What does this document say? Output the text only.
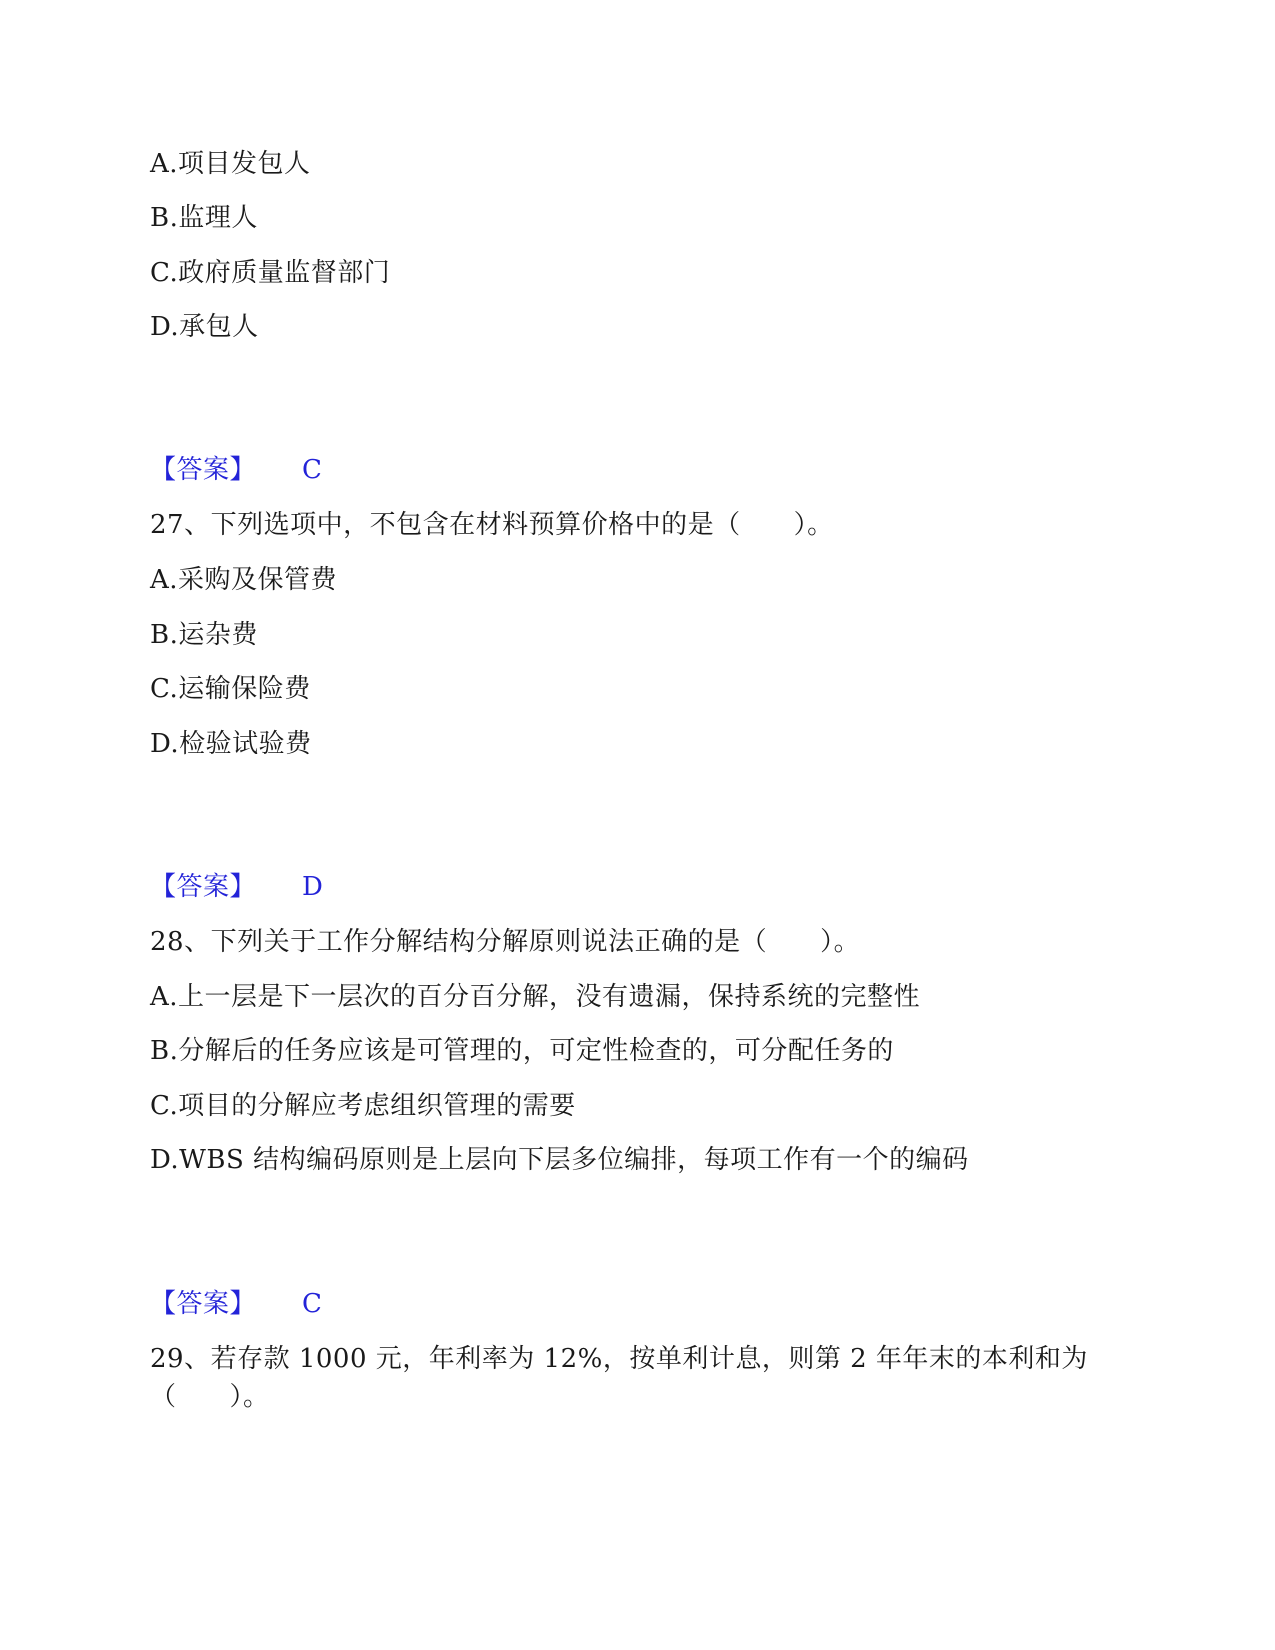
A.项目发包人
B.监理人
C.政府质量监督部门
D.承包人
【答案】 C
27、下列选项中，不包含在材料预算价格中的是（　　）。
A.采购及保管费
B.运杂费
C.运输保险费
D.检验试验费
【答案】 D
28、下列关于工作分解结构分解原则说法正确的是（　　）。
A.上一层是下一层次的百分百分解，没有遗漏，保持系统的完整性
B.分解后的任务应该是可管理的，可定性检查的，可分配任务的
C.项目的分解应考虑组织管理的需要
D.WBS 结构编码原则是上层向下层多位编排，每项工作有一个的编码
【答案】 C
29、若存款 1000 元，年利率为 12%，按单利计息，则第 2 年年末的本利和为
（　　）。
